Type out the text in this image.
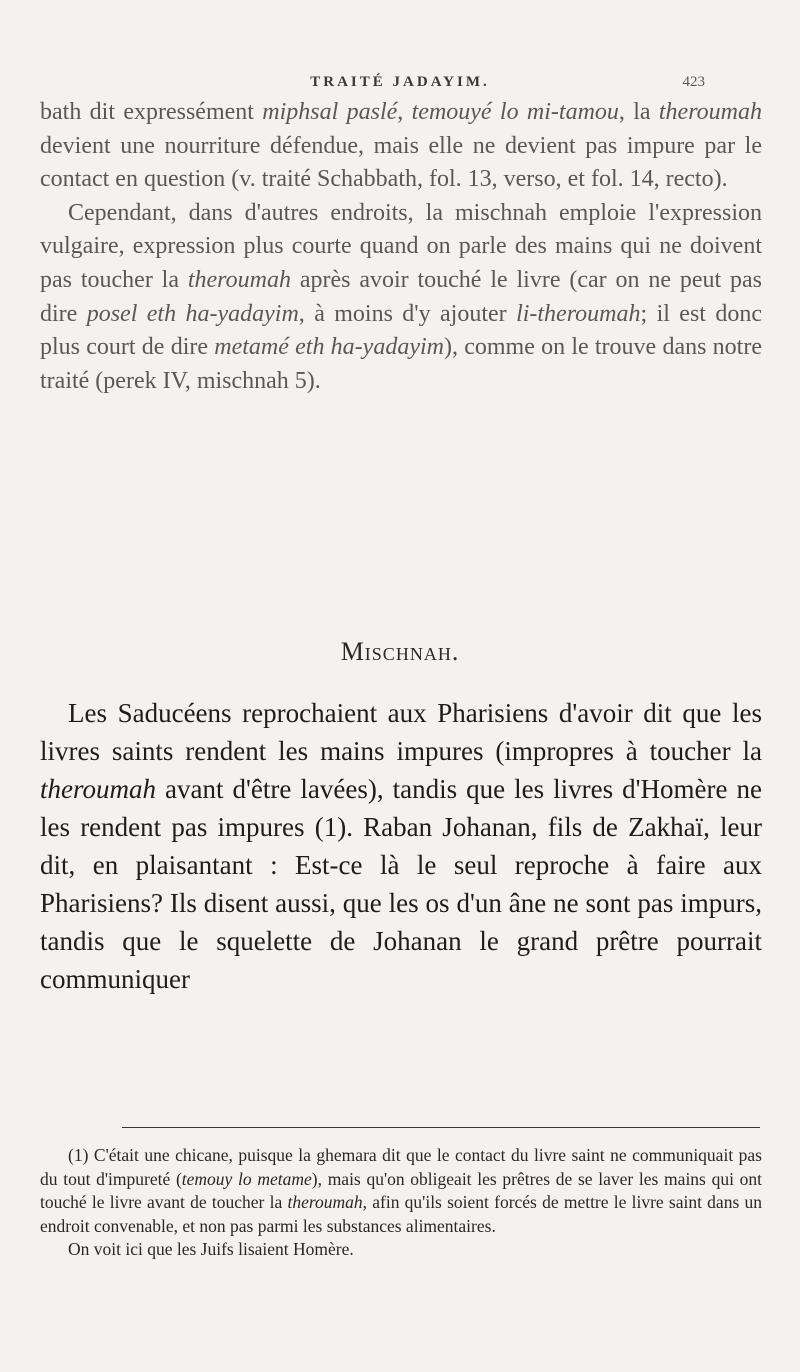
TRAITÉ JADAYIM.	423

bath dit expressément miphsal paslé, temouyé lo mi-tamou, la theroumah devient une nourriture défendue, mais elle ne devient pas impure par le contact en question (v. traité Schabbath, fol. 13, verso, et fol. 14, recto).

Cependant, dans d'autres endroits, la mischnah emploie l'expression vulgaire, expression plus courte quand on parle des mains qui ne doivent pas toucher la theroumah après avoir touché le livre (car on ne peut pas dire posel eth ha-yadayim, à moins d'y ajouter li-theroumah; il est donc plus court de dire metamé eth ha-yadayim), comme on le trouve dans notre traité (perek IV, mischnah 5).

Mischnah.

Les Saducéens reprochaient aux Pharisiens d'avoir dit que les livres saints rendent les mains impures (impropres à toucher la theroumah avant d'être lavées), tandis que les livres d'Homère ne les rendent pas impures (1). Raban Johanan, fils de Zakhaï, leur dit, en plaisantant : Est-ce là le seul reproche à faire aux Pharisiens? Ils disent aussi, que les os d'un âne ne sont pas impurs, tandis que le squelette de Johanan le grand prêtre pourrait communiquer

(1) C'était une chicane, puisque la ghemara dit que le contact du livre saint ne communiquait pas du tout d'impureté (temouy lo metame), mais qu'on obligeait les prêtres de se laver les mains qui ont touché le livre avant de toucher la theroumah, afin qu'ils soient forcés de mettre le livre saint dans un endroit convenable, et non pas parmi les substances alimentaires.

On voit ici que les Juifs lisaient Homère.
